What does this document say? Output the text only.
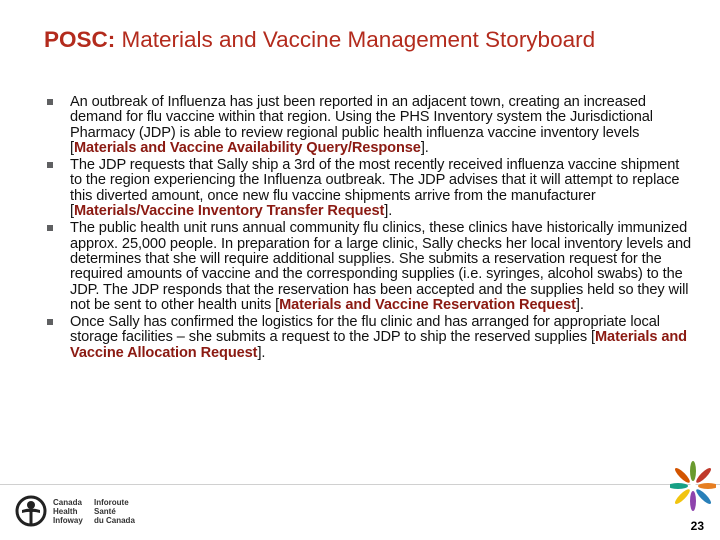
POSC: Materials and Vaccine Management Storyboard
An outbreak of Influenza has just been reported in an adjacent town, creating an increased demand for flu vaccine within that region. Using the PHS Inventory system the Jurisdictional Pharmacy (JDP) is able to review regional public health influenza vaccine inventory levels [Materials and Vaccine Availability Query/Response].
The JDP requests that Sally ship a 3rd of the most recently received influenza vaccine shipment to the region experiencing the Influenza outbreak. The JDP advises that it will attempt to replace this diverted amount, once new flu vaccine shipments arrive from the manufacturer [Materials/Vaccine Inventory Transfer Request].
The public health unit runs annual community flu clinics, these clinics have historically immunized approx. 25,000 people. In preparation for a large clinic, Sally checks her local inventory levels and determines that she will require additional supplies. She submits a reservation request for the required amounts of vaccine and the corresponding supplies (i.e. syringes, alcohol swabs) to the JDP. The JDP responds that the reservation has been accepted and the supplies held so they will not be sent to other health units [Materials and Vaccine Reservation Request].
Once Sally has confirmed the logistics for the flu clinic and has arranged for appropriate local storage facilities – she submits a request to the JDP to ship the reserved supplies [Materials and Vaccine Allocation Request].
Canada
Health
Infoway
Inforoute
Santé
du Canada	23
